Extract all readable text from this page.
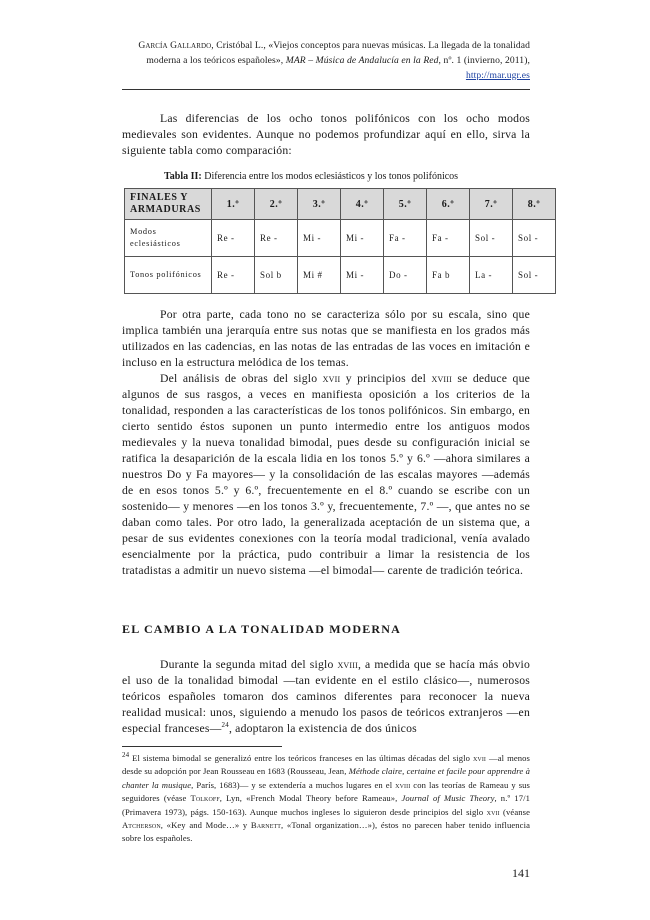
García Gallardo, Cristóbal L., «Viejos conceptos para nuevas músicas. La llegada de la tonalidad moderna a los teóricos españoles», MAR – Música de Andalucía en la Red, nº. 1 (invierno, 2011), http://mar.ugr.es

Las diferencias de los ocho tonos polifónicos con los ocho modos medievales son evidentes. Aunque no podemos profundizar aquí en ello, sirva la siguiente tabla como comparación:

Tabla II: Diferencia entre los modos eclesiásticos y los tonos polifónicos

FINALES Y ARMADURAS	1.º	2.º	3.º	4.º	5.º	6.º	7.º	8.º
Modos eclesiásticos	Re -	Re -	Mi -	Mi -	Fa -	Fa -	Sol -	Sol -
Tonos polifónicos	Re -	Sol b	Mi #	Mi -	Do -	Fa b	La -	Sol -

Por otra parte, cada tono no se caracteriza sólo por su escala, sino que implica también una jerarquía entre sus notas que se manifiesta en los grados más utilizados en las cadencias, en las notas de las entradas de las voces en imitación e incluso en la estructura melódica de los temas.

Del análisis de obras del siglo xvii y principios del xviii se deduce que algunos de sus rasgos, a veces en manifiesta oposición a los criterios de la tonalidad, responden a las características de los tonos polifónicos. Sin embargo, en cierto sentido éstos suponen un punto intermedio entre los antiguos modos medievales y la nueva tonalidad bimodal, pues desde su configuración inicial se ratifica la desaparición de la escala lidia en los tonos 5.º y 6.º —ahora similares a nuestros Do y Fa mayores— y la consolidación de las escalas mayores —además de en esos tonos 5.º y 6.º, frecuentemente en el 8.º cuando se escribe con un sostenido— y menores —en los tonos 3.º y, frecuentemente, 7.º —, que antes no se daban como tales. Por otro lado, la generalizada aceptación de un sistema que, a pesar de sus evidentes conexiones con la teoría modal tradicional, venía avalado esencialmente por la práctica, pudo contribuir a limar la resistencia de los tratadistas a admitir un nuevo sistema —el bimodal— carente de tradición teórica.

EL CAMBIO A LA TONALIDAD MODERNA

Durante la segunda mitad del siglo xviii, a medida que se hacía más obvio el uso de la tonalidad bimodal —tan evidente en el estilo clásico—, numerosos teóricos españoles tomaron dos caminos diferentes para reconocer la nueva realidad musical: unos, siguiendo a menudo los pasos de teóricos extranjeros —en especial franceses—$^{24}$, adoptaron la existencia de dos únicos

$^{24}$ El sistema bimodal se generalizó entre los teóricos franceses en las últimas décadas del siglo xvii —al menos desde su adopción por Jean Rousseau en 1683 (Rousseau, Jean, Méthode claire, certaine et facile pour apprendre à chanter la musique, París, 1683)— y se extendería a muchos lugares en el xviii con las teorías de Rameau y sus seguidores (véase Tolkoff, Lyn, «French Modal Theory before Rameau», Journal of Music Theory, n.º 17/1 (Primavera 1973), págs. 150-163). Aunque muchos ingleses lo siguieron desde principios del siglo xvii (véanse Atcherson, «Key and Mode…» y Barnett, «Tonal organization…»), éstos no parecen haber tenido influencia sobre los españoles.

141
